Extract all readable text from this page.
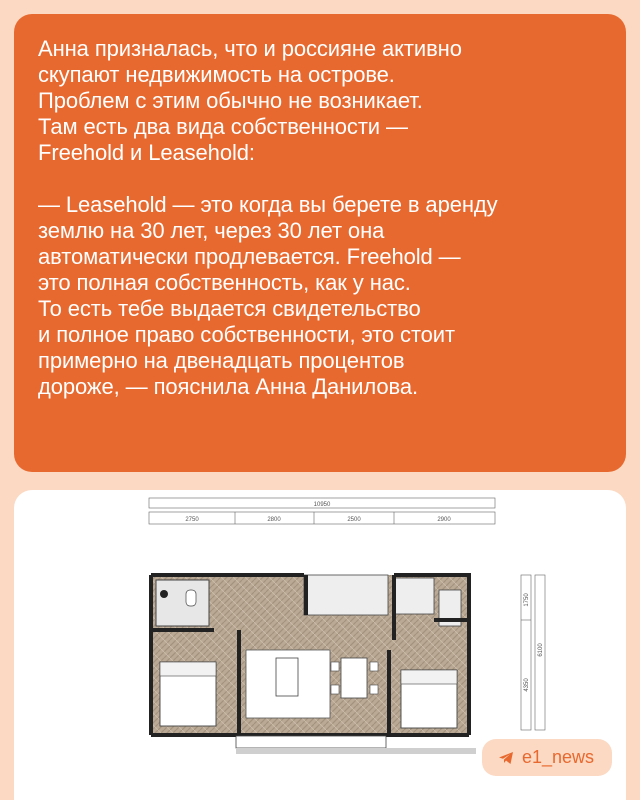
Анна призналась, что и россияне активно
скупают недвижимость на острове.
Проблем с этим обычно не возникает.
Там есть два вида собственности —
Freehold и Leasehold:

— Leasehold — это когда вы берете в аренду
землю на 30 лет, через 30 лет она
автоматически продлевается. Freehold —
это полная собственность, как у нас.
То есть тебе выдается свидетельство
и полное право собственности, это стоит
примерно на двенадцать процентов
дороже, — пояснила Анна Данилова.

10950
2750	2800	2500	2900
1750
6100
4350
e1_news
